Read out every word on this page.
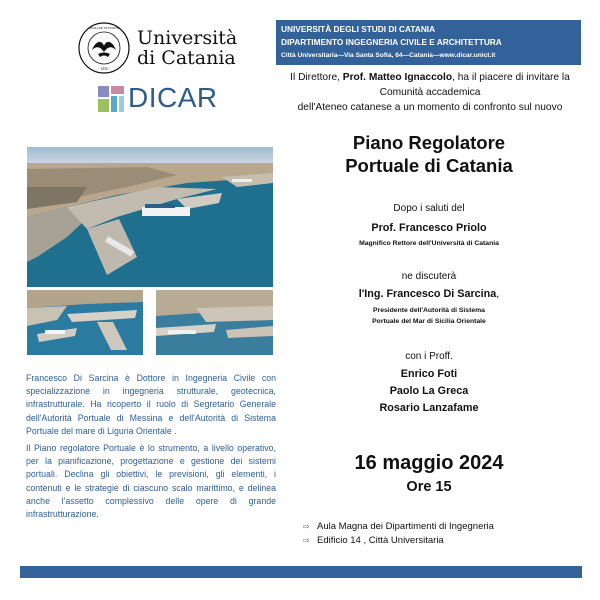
SICILIAE STVDIVM
· 1434 ·
Università
di Catania
DICAR
UNIVERSITÀ DEGLI STUDI DI CATANIA
DIPARTIMENTO INGEGNERIA CIVILE E ARCHITETTURA
Città Universitaria—Via Santa Sofia, 64—Catania—www.dicar.unict.it
Il Direttore, Prof. Matteo Ignaccolo, ha il piacere di invitare la
Comunità accademica
dell'Ateneo catanese a un momento di confronto sul nuovo
Piano Regolatore
Portuale di Catania
Dopo i saluti del
Prof. Francesco Priolo
Magnifico Rettore dell'Università di Catania
ne discuterà
l'Ing. Francesco Di Sarcina,
Presidente dell'Autorità di Sistema
Portuale del Mar di Sicilia Orientale
con i Proff.
Enrico Foti
Paolo La Greca
Rosario Lanzafame
16 maggio 2024
Ore 15
⇨ Aula Magna dei Dipartimenti di Ingegneria
⇨ Edificio 14 , Città Universitaria

Francesco Di Sarcina è Dottore in Ingegneria Civile con specializzazione in ingegneria strutturale, geotecnica, infrastrutturale. Ha ricoperto il ruolo di Segretario Generale dell'Autorità Portuale di Messina e dell'Autorità di Sistema Portuale del mare di Liguria Orientale .

Il Piano regolatore Portuale è lo strumento, a livello operativo, per la pianificazione, progettazione e gestione dei sistemi portuali. Declina gli obiettivi, le previsioni, gli elementi, i contenuti e le strategie di ciascuno scalo marittimo, e delinea anche l'assetto complessivo delle opere di grande infrastrutturazione.
